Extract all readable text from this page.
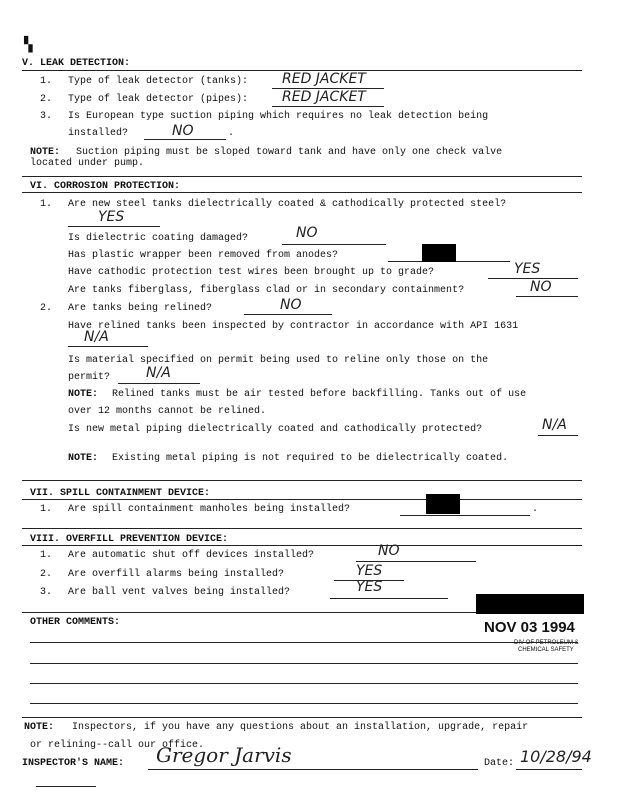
▚
V. LEAK DETECTION:
1. Type of leak detector (tanks): RED JACKET
2. Type of leak detector (pipes): RED JACKET
3. Is European type suction piping which requires no leak detection being
installed?	NO	.
NOTE: Suction piping must be sloped toward tank and have only one check valve
located under pump.
VI. CORROSION PROTECTION:
1. Are new steel tanks dielectrically coated & cathodically protected steel?
YES
Is dielectric coating damaged?	NO
Has plastic wrapper been removed from anodes?
Have cathodic protection test wires been brought up to grade?	YES
Are tanks fiberglass, fiberglass clad or in secondary containment?	NO
2. Are tanks being relined?	NO
Have relined tanks been inspected by contractor in accordance with API 1631
N/A
Is material specified on permit being used to reline only those on the
permit?	N/A
NOTE: Relined tanks must be air tested before backfilling. Tanks out of use
over 12 months cannot be relined.
Is new metal piping dielectrically coated and cathodically protected?	N/A
NOTE: Existing metal piping is not required to be dielectrically coated.
VII. SPILL CONTAINMENT DEVICE:
1. Are spill containment manholes being installed?	.
VIII. OVERFILL PREVENTION DEVICE:
1. Are automatic shut off devices installed?	NO
2. Are overfill alarms being installed?	YES
3. Are ball vent valves being installed?	YES
OTHER COMMENTS:	NOV 03 1994
DIV OF PETROLEUM &
CHEMICAL SAFETY
NOTE: Inspectors, if you have any questions about an installation, upgrade, repair
or relining--call our office.
INSPECTOR'S NAME: Gregor Jarvis	Date: 10/28/94
